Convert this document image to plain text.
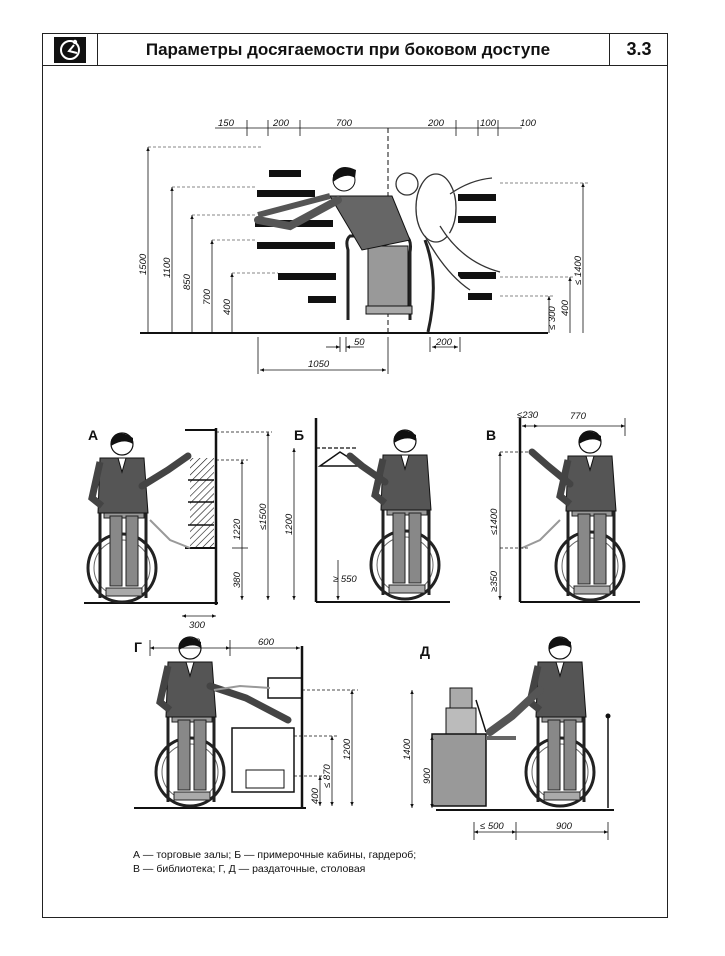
Параметры досягаемости при боковом доступе	3.3
150	200	700	200	100	100
1500 1100
850
700
400
≤ 1400
≤ 300 400
50	200
1050
А
1220 ≤1500
380
300
Б
1200
≥ 550
В
≤230	770
≤1400
≥350
Г	760	600
1200
≤ 870
400
Д
1400
900
≤ 500	900
А — торговые залы; Б — примерочные кабины, гардероб;
В — библиотека; Г, Д — раздаточные, столовая
